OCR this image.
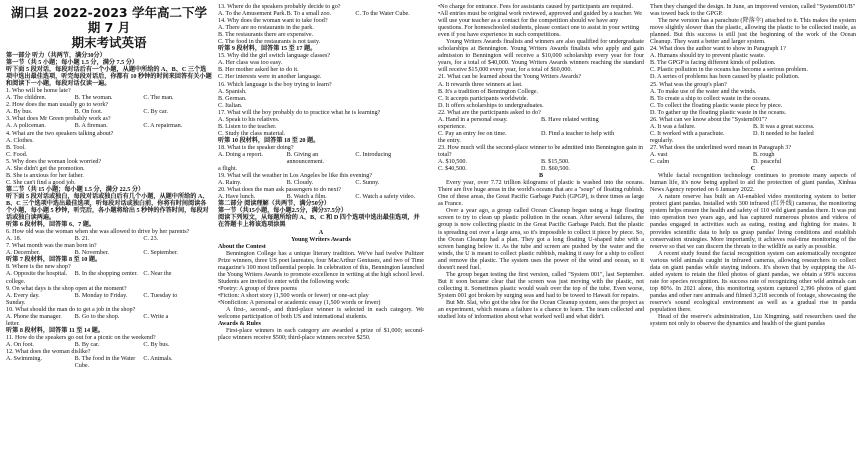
湖口县 2022-2023 学年高二下学期 7 月
期末考试英语
第一部分 听力（共两节，满分30分）
第一节（共 5 小题；每小题 1.5 分，满分 7.5 分）
听下面 5 段对话，每段对话后有一个小题，从题中所给的 A、B、C 三个选项中选出最佳选项，听完每段对话后，你都有 10 秒钟的时间来回答有关小题和阅读下一小题，每段对话仅读一遍。
1. Who will be home late?
A. The children.	B. The woman.	C. The man.
2. How does the man usually go to work?
A. By bus.	B. On foot.	C. By car.
3. What does Mr Green probably work as?
A. A policeman.	B. A fireman.	C. A repairman.
4. What are the two speakers talking about?
A. Clothes.
B. Tool.
C. Food.
5. Why does the woman look worried?
A. She didn't get the promotion.
B. She is anxious for her father.
C. She can't find a good job.
第二节（共 15 小题；每小题 1.5 分，满分 22.5 分）
听下面 5 段对话或独白，每段对话或独白后有几个小题，从题中所给的 A、B、C 三个选项中选出最佳选项，听每段对话或独白前，你将有时间阅读各个小题，每小题 5 秒钟，听完后，各小题将给出 5 秒钟的作答时间，每段对话或独白读两遍。
听第 6 段材料，回答第 6、7 题。
6. How old was the woman when she was allowed to drive by her parents?
A. 18.	B. 21.	C. 23.
7. What month was the man born in?
A. December.	B. November.	C. September.
听第 7 段材料，回答第 8 至 10 题。
8. Where is the new shop?
A. Opposite the hospital.	B. In the shopping center. C. Near the
college.
9. On what days is the shop open at the moment?
A. Every day.	B. Monday to Friday.	C. Tuesday to
Sunday.
10. What should the man do to get a job in the shop?
A. Phone the manager.	B. Go to the shop.	C. Write a
letter.
听第 8 段材料，回答第 11 至 14 题。
11. How do the speakers go out for a picnic on the weekend?
A. On foot.	B. By car.	C. By bus.
12. What does the woman dislike?
A. Swimming.	B. The food in the Water Cube.
C. Animals.
13. Where do the speakers probably decide to go?
A. To the Amusement Park. B. To a small zoo.	C. To the Water Cube.
14. Why does the woman want to take food?
A. There are no restaurants in the park.
B. The restaurants there are expensive.
C. The food in the restaurants is not tasty.
听第 9 段材料，回答第 15 至 17 题。
15. Why did the girl switch language classes?
A. Her class was too easy.
B. Her mother asked her to do it.
C. Her interests were in another language.
16. Which language is the boy trying to learn?
A. Spanish.
B. German.
C. Italian.
17. What will the boy probably do to practice what he is learning?
A. Speak to his relatives.
B. Listen to the teacher.
C. Study the class material.
听第 10 段材料，回答第 18 至 20 题。
18. What is the speaker doing?
A. Doing a report.	B. Giving an announcement.
C. Introducing
a flight.
19. What will the weather in Los Angeles be like this evening?
A. Rainy.	B. Cloudy.	C. Sunny.
20. What does the man ask passengers to do next?
A. Have lunch.	B. Watch a film.	C. Watch a safety video.
第二部分 阅读理解（共两节，满分50分）
第一节（共15小题，每小题2.5分，满分37.5分）
阅读下列短文，从每题所给的 A、B、C 和 D 四个选项中选出最佳选项，并在答题卡上将该选项涂黑
A
Young Writers Awards
About the Contest
Bennington College has a unique literary tradition. We've had twelve Pulitzer Prize winners, three US poet laureates, four MacArthur Geniuses, and two of Time magazine's 100 most influential people. In celebration of this, Bennington launched the Young Writers Awards to promote excellence in writing at the high school level. Students are invited to enter with the following work:
•Poetry: A group of three poems
•Fiction: A short story (1,500 words or fewer) or one-act play
•Nonfiction: A personal or academic essay (1,500 words or fewer)
A first-, second-, and third-place winner is selected in each category. We welcome participation of both US and international students.
Awards & Rules
First-place winners in each category are awarded a prize of $1,000; second-place winners receive $500; third-place winners receive $250.
•No charge for entrance. Fees for assistants caused by participants are required.
•All entries must be original work reviewed, approved and guided by a teacher. We will use your teacher as a contact for the competition should we have any questions. For homeschooled students, please contact one to assist in your writing even if you have experience in such competitions.
Young Writers Awards finalists and winners are also qualified for undergraduate scholarships at Bennington. Young Writers Awards finalists who apply and gain admission to Bennington will receive a $10,000 scholarship every year for four years, for a total of $40,000. Young Writers Awards winners reaching the standard will receive $15,000 every year, for a total of $60,000.
21. What can be learned about the Young Writers Awards?
A. It rewards three winners at last.
B. It's a tradition of Bennington College.
C. It accepts participants worldwide.
D. It offers scholarships to undergraduates.
22. What are the participants asked to do?
A. Hand in a personal essay.	B. Have related writing
experience.
C. Pay an entry fee on time.	D. Find a teacher to help with
the entry.
23. How much will the second-place winner to be admitted into Bennington gain in total?
A. $10,500.	B. $15,500.
C. $40,500.	D. $60,500.
B
Every year, over 7.72 trillion kilograms of plastic is washed into the oceans. There are five huge areas in the world's oceans that are a "soup" of floating rubbish. One of these areas, the Great Pacific Garbage Patch (GPGP), is three times as large as France.
Over a year ago, a group called Ocean Cleanup began using a huge floating screen to try to clean up plastic pollution in the ocean. After several failures, the group is now collecting plastic in the Great Pacific Garbage Patch. But the plastic is spreading out over a large area, so it's impossible to collect it piece by piece. So, the Ocean Cleanup had a plan. They got a long floating U-shaped tube with a screen hanging below it. As the tube and screen are pushed by the water and the winds, the U is meant to collect plastic rubbish, making it easy for a ship to collect and remove the plastic. The system uses the power of the wind and ocean, so it doesn't need fuel.
The group began testing the first version, called "System 001", last September. But it soon became clear that the screen was just moving with the plastic, not collecting it. Sometimes plastic would wash over the top of the tube. Even worse, System 001 got broken by surging seas and had to be towed to Hawaii for repairs.
But Mr. Slat, who got the idea for the Ocean Cleanup system, sees the project as an experiment, which means a failure is a chance to learn. The team collected and studied lots of information about what worked well and what didn't.
Then they changed the design. In June, an improved version, called "System001/B" was towed back to the GPGP.
The new version has a parachute (降落伞) attached to it. This makes the system move slightly slower than the plastic, allowing the plastic to be collected inside, as planned. But this success is still just the beginning of the work of the Ocean Cleanup. They want a better and larger system.
24. What does the author want to show in Paragraph 1?
A. Humans should try to prevent plastic waste.
B. The GPGP is facing different kinds of pollution.
C. Plastic pollution in the oceans has become a serious problem.
D. A series of problems has been caused by plastic pollution.
25. What was the group's plan?
A. To make use of the water and the winds.
B. To create a ship to collect waste in the oceans.
C. To collect the floating plastic waste piece by piece.
D. To gather up the floating plastic waste in the oceans.
26. What can we know about the "System001"?
A. It was a failure.	B. It was a great success.
C. It worked with a parachute.	D. It needed to be fueled
regularly.
27. What does the underlined word mean in Paragraph 3?
A. vast	B. rough
C. calm	D. peaceful
C
While facial recognition technology continues to promote many aspects of human life, it's now being applied to aid the protection of giant pandas, Xinhua News Agency reported on 6 January 2022.
A nature reserve has built an AI-enabled video monitoring system to better protect giant pandas. Installed with 300 infrared (红外线) cameras, the monitoring system helps ensure the health and safety of 110 wild giant pandas there. It was put into operation two years ago, and has captured numerous photos and videos of pandas engaged in activities such as eating, resting and fighting for mates. It provides scientific data to help us grasp pandas' living conditions and establish conservation strategies. More importantly, it achieves real-time monitoring of the reserve so that we can discern the threats to the wildlife as early as possible.
A recent study found the facial recognition system can automatically recognize various wild animals caught in infrared cameras, allowing researchers to collect data on giant pandas while staying indoors. It's shown that by equipping the AI-aided system to retain the filed photos of giant pandas, we obtain a 99% success rate for species recognition. Its success rate of recognizing other wild animals can top 80%. In 2021 alone, this monitoring system captured 2,396 photos of giant pandas and other rare animals and filmed 3,218 seconds of footage, showcasing the reserve's sound ecological environment as well as a gradual rise in panda population there.
Head of the reserve's administration, Liu Xingming, said researchers used the system not only to observe the dynamics and health of the giant pandas
